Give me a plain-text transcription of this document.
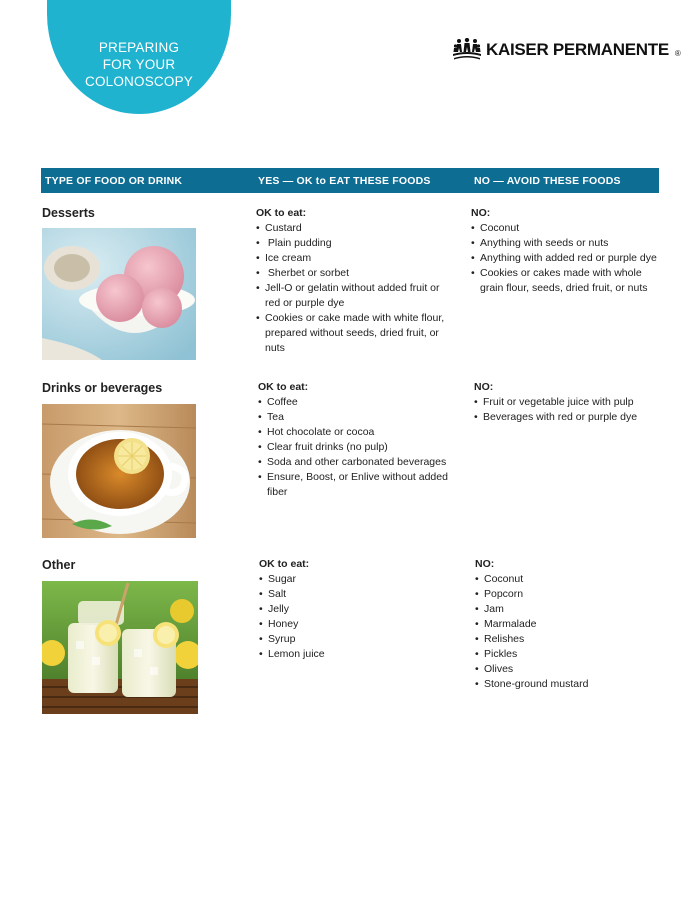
PREPARING
FOR YOUR
COLONOSCOPY
KAISER PERMANENTE ®
TYPE OF FOOD OR DRINK	YES — OK to EAT THESE FOODS	NO — AVOID THESE FOODS
Desserts	OK to eat:
• Custard
•  Plain pudding
• Ice cream
•  Sherbet or sorbet
• Jell-O or gelatin without added fruit or red or purple dye
• Cookies or cake made with white flour, prepared without seeds, dried fruit, or nuts
NO:
• Coconut
• Anything with seeds or nuts
• Anything with added red or purple dye
• Cookies or cakes made with whole grain flour, seeds, dried fruit, or nuts
Drinks or beverages	OK to eat:
• Coffee
• Tea
• Hot chocolate or cocoa
• Clear fruit drinks (no pulp)
• Soda and other carbonated beverages
• Ensure, Boost, or Enlive without added fiber
NO:
• Fruit or vegetable juice with pulp
• Beverages with red or purple dye
Other	OK to eat:
• Sugar
• Salt
• Jelly
• Honey
• Syrup
• Lemon juice
NO:
• Coconut
• Popcorn
• Jam
• Marmalade
• Relishes
• Pickles
• Olives
• Stone-ground mustard
